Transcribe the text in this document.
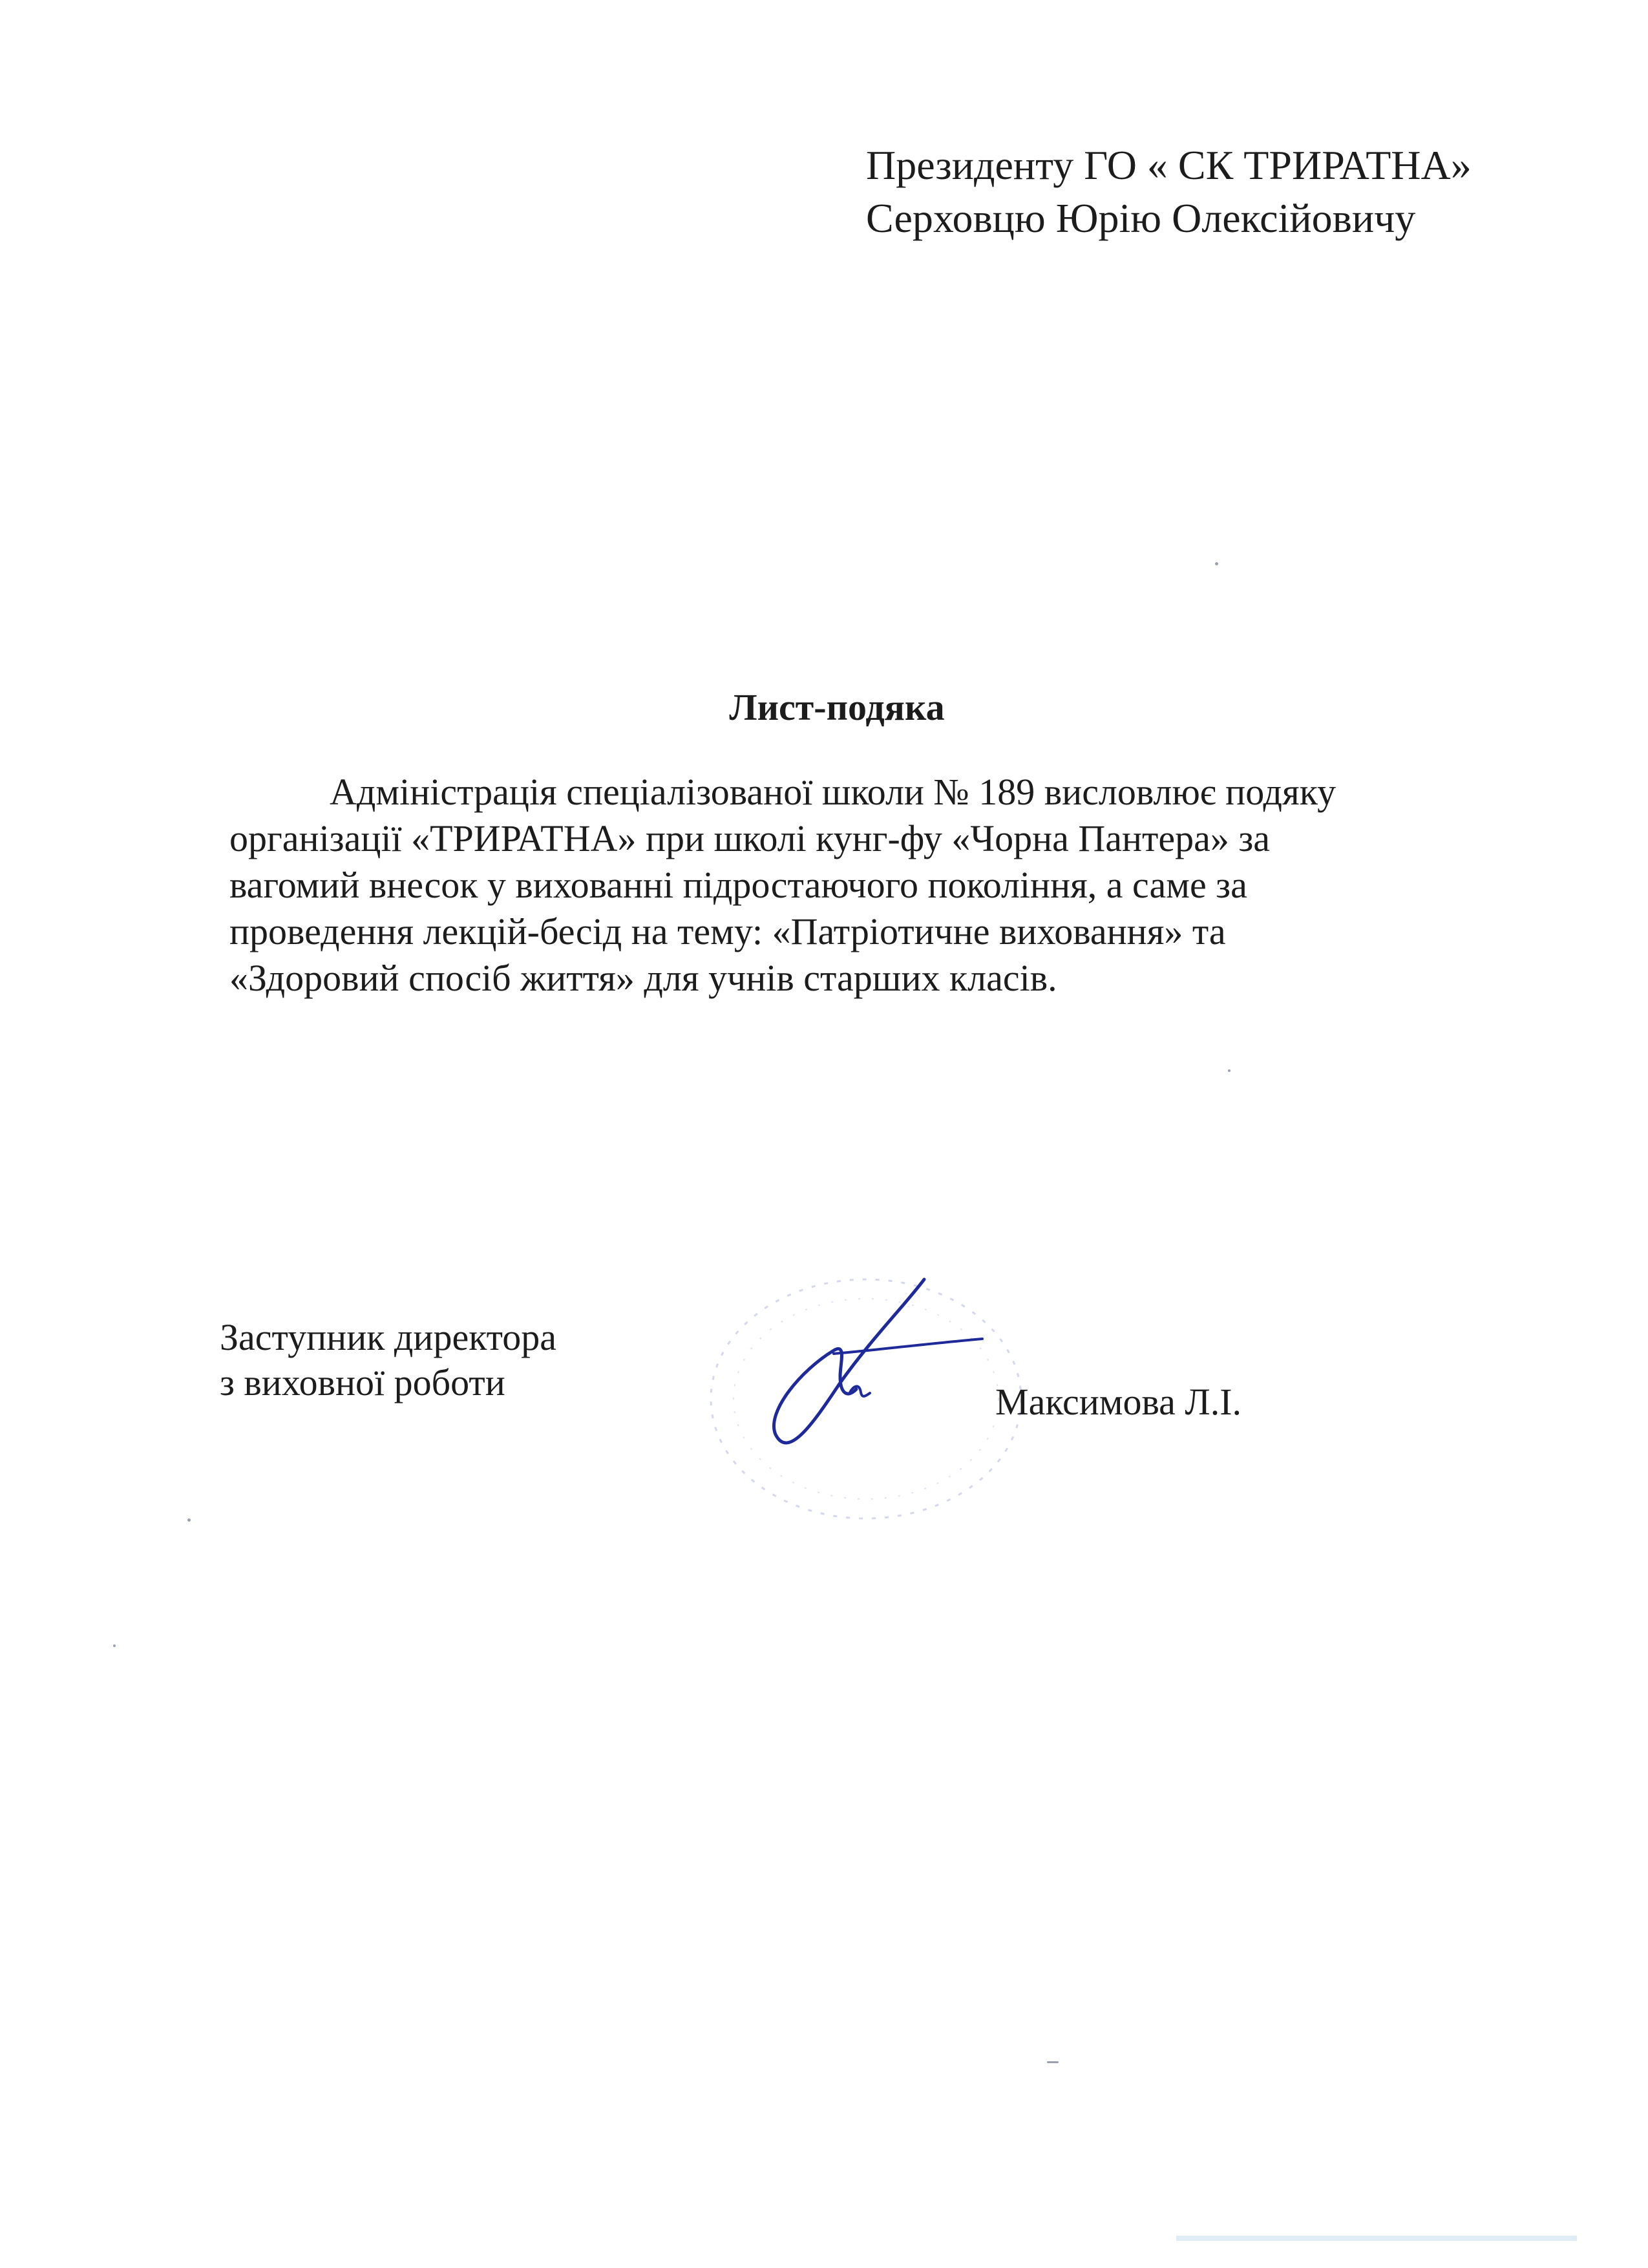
Президенту ГО « СК ТРИРАТНА»
Серховцю Юрію Олексійовичу
Лист-подяка
Адміністрація спеціалізованої школи № 189 висловлює подяку
організації «ТРИРАТНА» при школі кунг-фу «Чорна Пантера» за
вагомий внесок у вихованні підростаючого покоління, а саме за
проведення лекцій-бесід на тему: «Патріотичне виховання» та
«Здоровий спосіб життя» для учнів старших класів.
Заступник директора
з виховної роботи	Максимова Л.І.
